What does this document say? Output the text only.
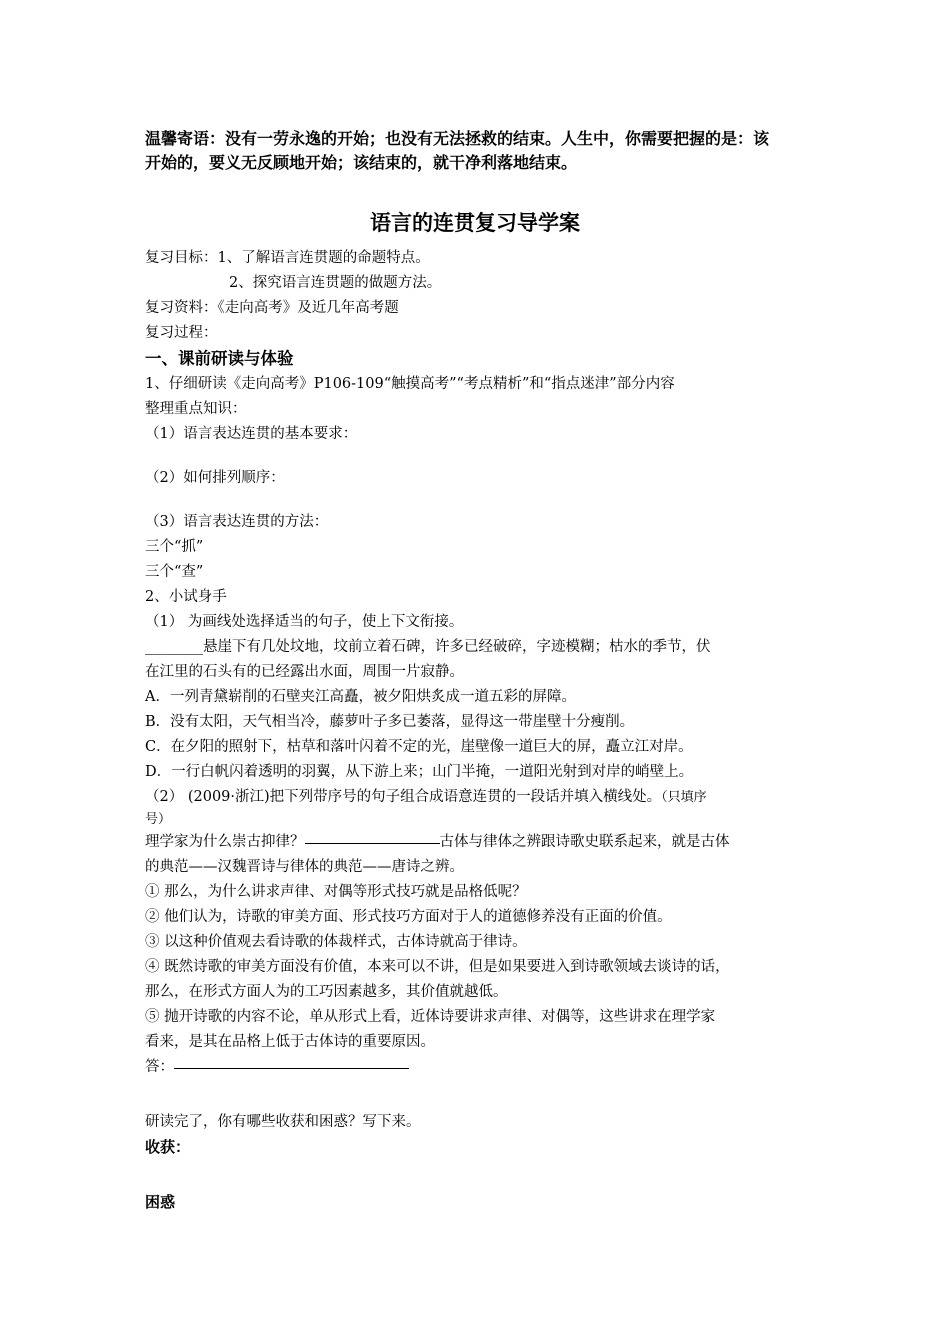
温馨寄语：没有一劳永逸的开始；也没有无法拯救的结束。人生中，你需要把握的是：该
开始的，要义无反顾地开始；该结束的，就干净利落地结束。
语言的连贯复习导学案
复习目标：1、了解语言连贯题的命题特点。
2、探究语言连贯题的做题方法。
复习资料：《走向高考》及近几年高考题
复习过程：
一、课前研读与体验
1、仔细研读《走向高考》P106-109“触摸高考”“考点精析”和“指点迷津”部分内容
整理重点知识：
（1）语言表达连贯的基本要求：
（2）如何排列顺序：
（3）语言表达连贯的方法：
三个“抓”
三个“查”
2、小试身手
（1） 为画线处选择适当的句子，使上下文衔接。
________悬崖下有几处坟地，坟前立着石碑，许多已经破碎，字迹模糊；枯水的季节，伏
在江里的石头有的已经露出水面，周围一片寂静。
A．一列青黛崭削的石壁夹江高矗，被夕阳烘炙成一道五彩的屏障。
B．没有太阳，天气相当冷，藤萝叶子多已萎落，显得这一带崖壁十分瘦削。
C．在夕阳的照射下，枯草和落叶闪着不定的光，崖壁像一道巨大的屏，矗立江对岸。
D．一行白帆闪着透明的羽翼，从下游上来；山门半掩，一道阳光射到对岸的峭壁上。
（2） (2009·浙江)把下列带序号的句子组合成语意连贯的一段话并填入横线处。（只填序
号）
理学家为什么崇古抑律？	古体与律体之辨跟诗歌史联系起来，就是古体
的典范——汉魏晋诗与律体的典范——唐诗之辨。
① 那么，为什么讲求声律、对偶等形式技巧就是品格低呢？
② 他们认为，诗歌的审美方面、形式技巧方面对于人的道德修养没有正面的价值。
③ 以这种价值观去看诗歌的体裁样式，古体诗就高于律诗。
④ 既然诗歌的审美方面没有价值，本来可以不讲，但是如果要进入到诗歌领域去谈诗的话，
那么，在形式方面人为的工巧因素越多，其价值就越低。
⑤ 抛开诗歌的内容不论，单从形式上看，近体诗要讲求声律、对偶等，这些讲求在理学家
看来，是其在品格上低于古体诗的重要原因。
答：
研读完了，你有哪些收获和困惑？写下来。
收获：
困惑
